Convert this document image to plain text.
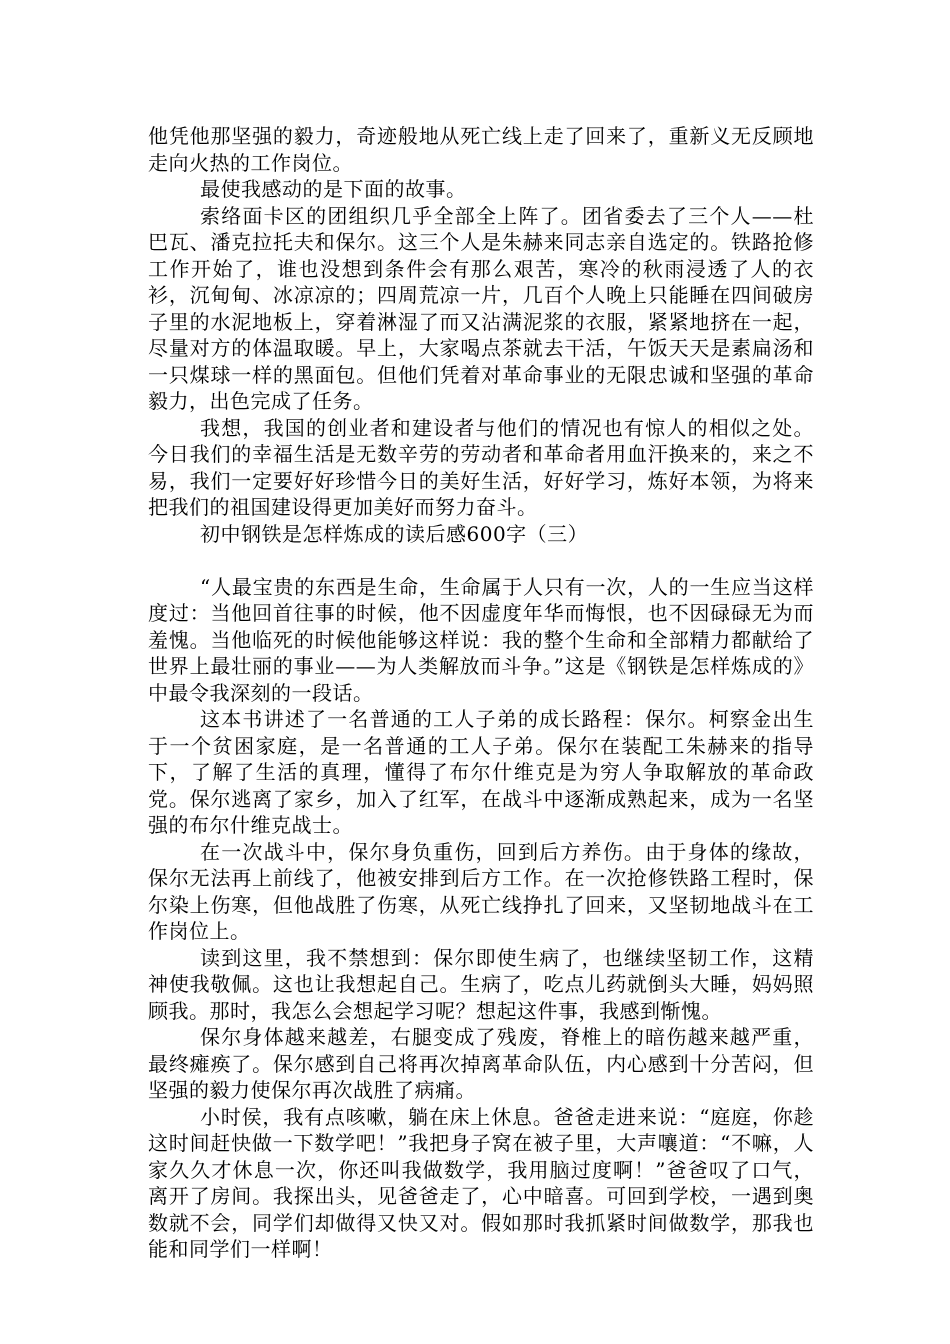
他凭他那坚强的毅力，奇迹般地从死亡线上走了回来了，重新义无反顾地走向火热的工作岗位。

最使我感动的是下面的故事。

索络面卡区的团组织几乎全部全上阵了。团省委去了三个人——杜巴瓦、潘克拉托夫和保尔。这三个人是朱赫来同志亲自选定的。铁路抢修工作开始了，谁也没想到条件会有那么艰苦，寒冷的秋雨浸透了人的衣衫，沉甸甸、冰凉凉的；四周荒凉一片，几百个人晚上只能睡在四间破房子里的水泥地板上，穿着淋湿了而又沾满泥浆的衣服，紧紧地挤在一起，尽量对方的体温取暖。早上，大家喝点茶就去干活，午饭天天是素扁汤和一只煤球一样的黑面包。但他们凭着对革命事业的无限忠诚和坚强的革命毅力，出色完成了任务。

我想，我国的创业者和建设者与他们的情况也有惊人的相似之处。今日我们的幸福生活是无数辛劳的劳动者和革命者用血汗换来的，来之不易，我们一定要好好珍惜今日的美好生活，好好学习，炼好本领，为将来把我们的祖国建设得更加美好而努力奋斗。

初中钢铁是怎样炼成的读后感600字（三）

“人最宝贵的东西是生命，生命属于人只有一次，人的一生应当这样度过：当他回首往事的时候，他不因虚度年华而悔恨，也不因碌碌无为而羞愧。当他临死的时候他能够这样说：我的整个生命和全部精力都献给了世界上最壮丽的事业——为人类解放而斗争。”这是《钢铁是怎样炼成的》中最令我深刻的一段话。

这本书讲述了一名普通的工人子弟的成长路程：保尔。柯察金出生于一个贫困家庭，是一名普通的工人子弟。保尔在装配工朱赫来的指导下，了解了生活的真理，懂得了布尔什维克是为穷人争取解放的革命政党。保尔逃离了家乡，加入了红军，在战斗中逐渐成熟起来，成为一名坚强的布尔什维克战士。

在一次战斗中，保尔身负重伤，回到后方养伤。由于身体的缘故，保尔无法再上前线了，他被安排到后方工作。在一次抢修铁路工程时，保尔染上伤寒，但他战胜了伤寒，从死亡线挣扎了回来，又坚韧地战斗在工作岗位上。

读到这里，我不禁想到：保尔即使生病了，也继续坚韧工作，这精神使我敬佩。这也让我想起自己。生病了，吃点儿药就倒头大睡，妈妈照顾我。那时，我怎么会想起学习呢？想起这件事，我感到惭愧。

保尔身体越来越差，右腿变成了残废，脊椎上的暗伤越来越严重，最终瘫痪了。保尔感到自己将再次掉离革命队伍，内心感到十分苦闷，但坚强的毅力使保尔再次战胜了病痛。

小时侯，我有点咳嗽，躺在床上休息。爸爸走进来说：“庭庭，你趁这时间赶快做一下数学吧！”我把身子窝在被子里，大声嚷道：“不嘛，人家久久才休息一次，你还叫我做数学，我用脑过度啊！”爸爸叹了口气，离开了房间。我探出头，见爸爸走了，心中暗喜。可回到学校，一遇到奥数就不会，同学们却做得又快又对。假如那时我抓紧时间做数学，那我也能和同学们一样啊！
